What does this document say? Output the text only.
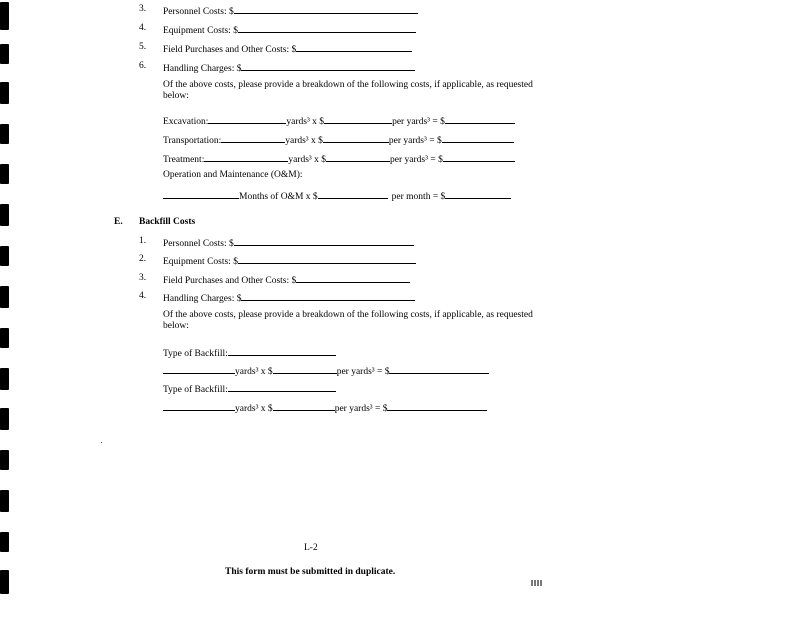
3. Personnel Costs: $
4. Equipment Costs: $
5. Field Purchases and Other Costs: $
6. Handling Charges: $
Of the above costs, please provide a breakdown of the following costs, if applicable, as requested
below:
Excavation:	yards³ x $	per yards³ = $
Transportation:	yards³ x $	per yards³ = $
Treatment:	yards³ x $	per yards³ = $
Operation and Maintenance (O&M):
Months of O&M x $	per month = $
E. Backfill Costs
1. Personnel Costs: $
2. Equipment Costs: $
3. Field Purchases and Other Costs: $
4. Handling Charges: $
Of the above costs, please provide a breakdown of the following costs, if applicable, as requested
below:
Type of Backfill:
yards³ x $	per yards³ = $
Type of Backfill:
yards³ x $	per yards³ = $
L-2
This form must be submitted in duplicate.
